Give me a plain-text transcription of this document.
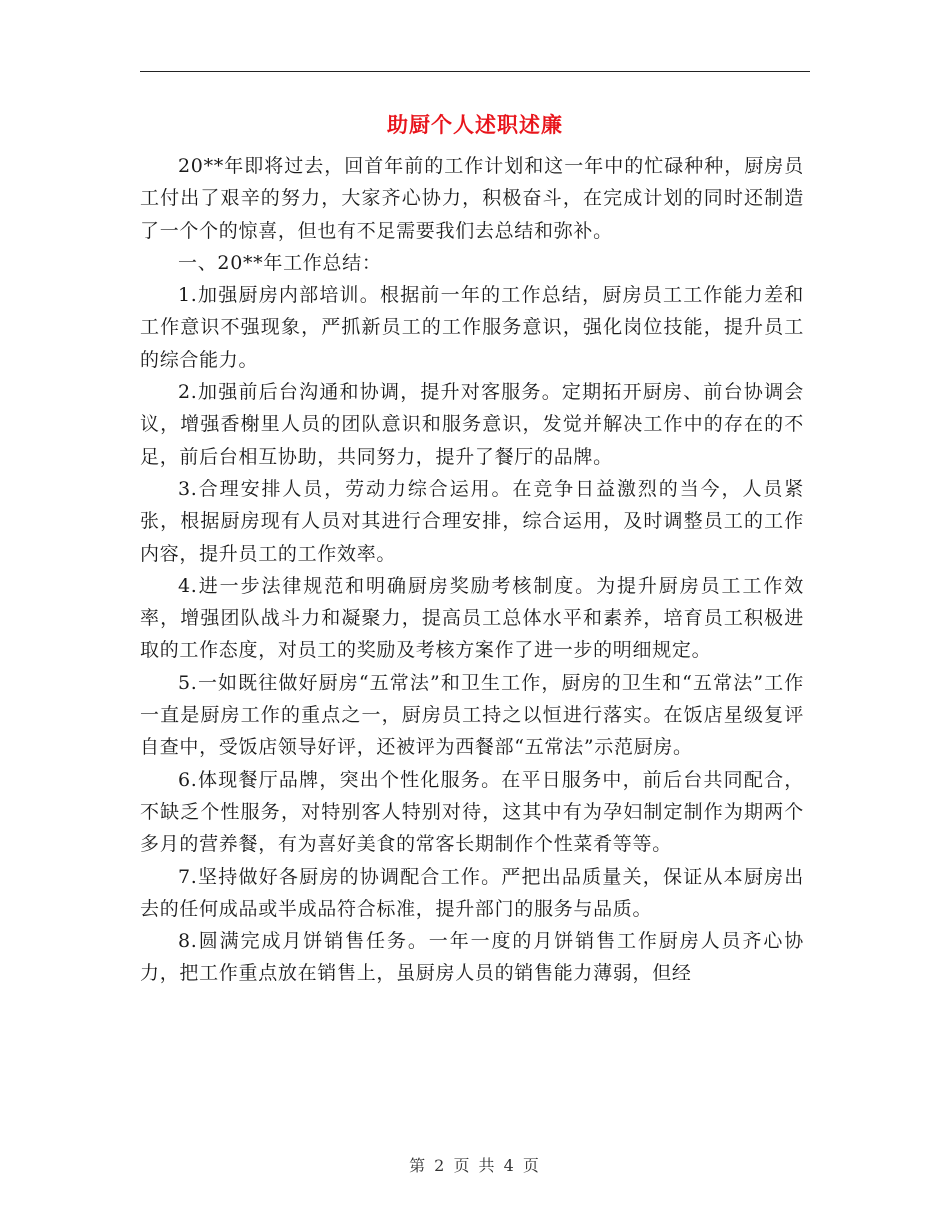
助厨个人述职述廉

20**年即将过去，回首年前的工作计划和这一年中的忙碌种种，厨房员工付出了艰辛的努力，大家齐心协力，积极奋斗，在完成计划的同时还制造了一个个的惊喜，但也有不足需要我们去总结和弥补。

一、20**年工作总结：

1.加强厨房内部培训。根据前一年的工作总结，厨房员工工作能力差和工作意识不强现象，严抓新员工的工作服务意识，强化岗位技能，提升员工的综合能力。

2.加强前后台沟通和协调，提升对客服务。定期拓开厨房、前台协调会议，增强香榭里人员的团队意识和服务意识，发觉并解决工作中的存在的不足，前后台相互协助，共同努力，提升了餐厅的品牌。

3.合理安排人员，劳动力综合运用。在竞争日益激烈的当今，人员紧张，根据厨房现有人员对其进行合理安排，综合运用，及时调整员工的工作内容，提升员工的工作效率。

4.进一步法律规范和明确厨房奖励考核制度。为提升厨房员工工作效率，增强团队战斗力和凝聚力，提高员工总体水平和素养，培育员工积极进取的工作态度，对员工的奖励及考核方案作了进一步的明细规定。

5.一如既往做好厨房“五常法”和卫生工作，厨房的卫生和“五常法”工作一直是厨房工作的重点之一，厨房员工持之以恒进行落实。在饭店星级复评自查中，受饭店领导好评，还被评为西餐部“五常法”示范厨房。

6.体现餐厅品牌，突出个性化服务。在平日服务中，前后台共同配合，不缺乏个性服务，对特别客人特别对待，这其中有为孕妇制定制作为期两个多月的营养餐，有为喜好美食的常客长期制作个性菜肴等等。

7.坚持做好各厨房的协调配合工作。严把出品质量关，保证从本厨房出去的任何成品或半成品符合标准，提升部门的服务与品质。

8.圆满完成月饼销售任务。一年一度的月饼销售工作厨房人员齐心协力，把工作重点放在销售上，虽厨房人员的销售能力薄弱，但经

第 2 页 共 4 页
